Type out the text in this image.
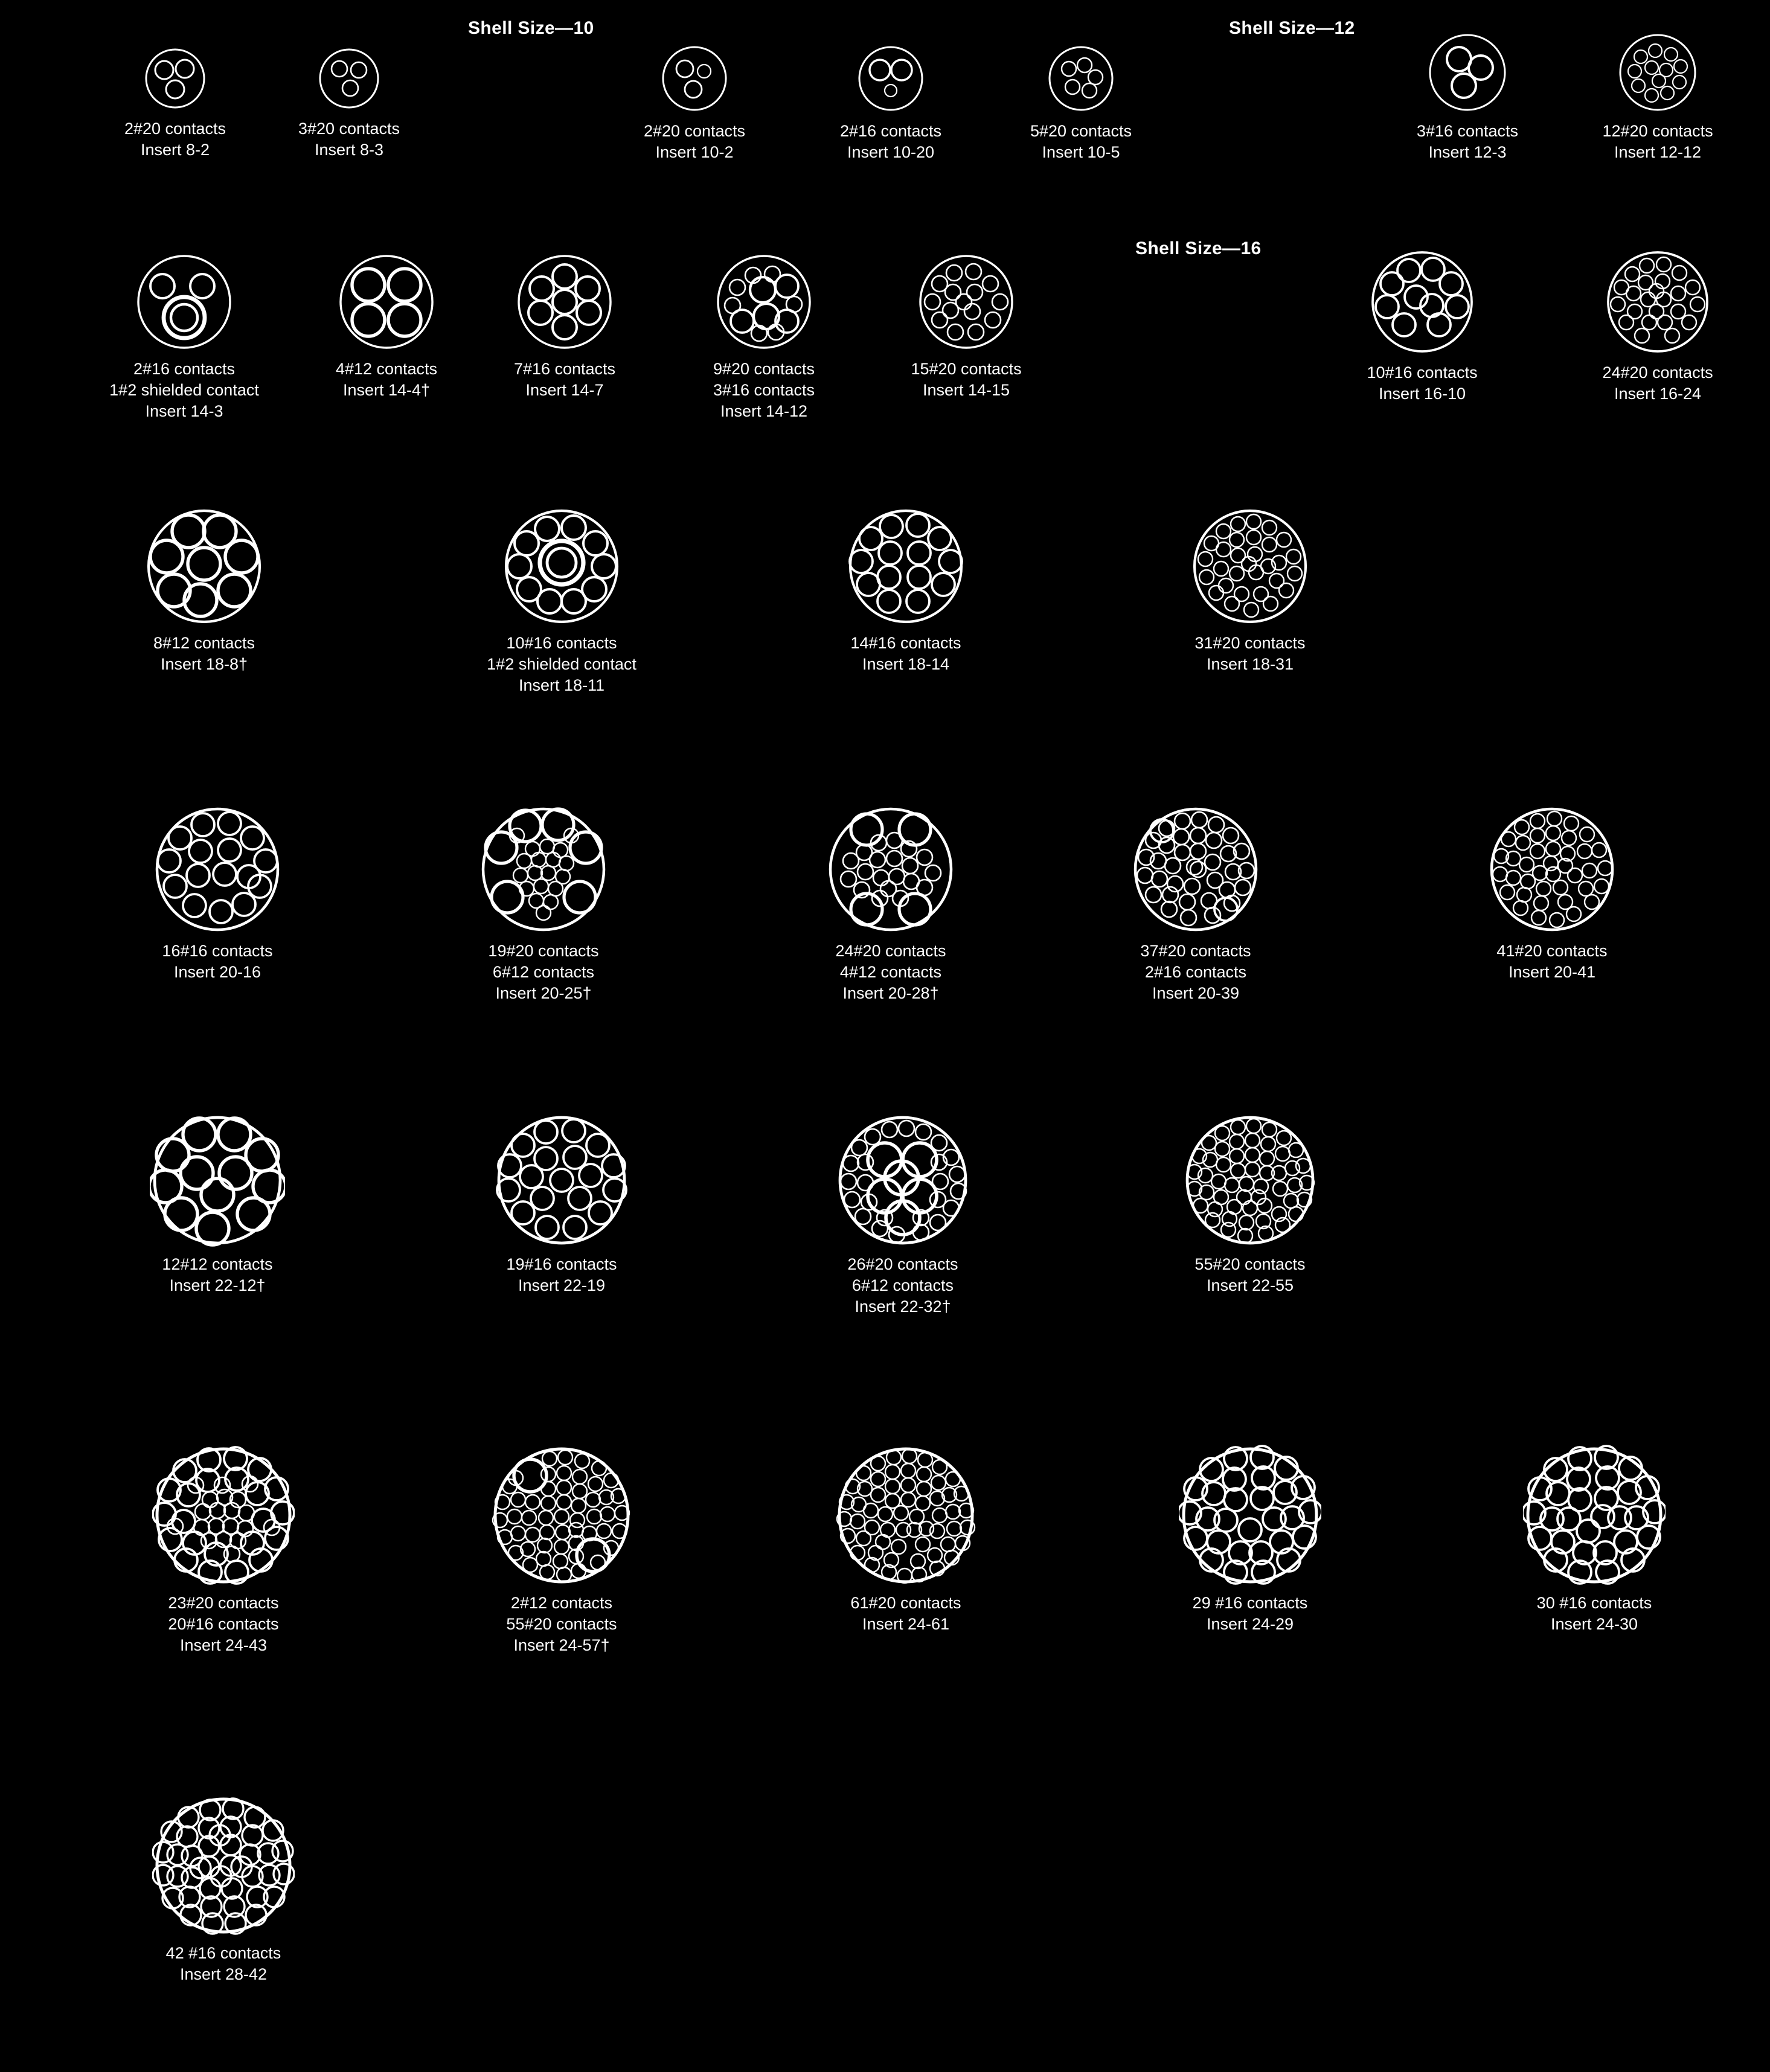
Shell Size—10	Shell Size—12
Shell Size—16
2#20 contacts
Insert 8-2
3#20 contacts
Insert 8-3
2#20 contacts
Insert 10-2
2#16 contacts
Insert 10-20
5#20 contacts
Insert 10-5
3#16 contacts
Insert 12-3
12#20 contacts
Insert 12-12
2#16 contacts
1#2 shielded contact
Insert 14-3
4#12 contacts
Insert 14-4†
7#16 contacts
Insert 14-7
9#20 contacts
3#16 contacts
Insert 14-12
15#20 contacts
Insert 14-15
10#16 contacts
Insert 16-10
24#20 contacts
Insert 16-24
8#12 contacts
Insert 18-8†
10#16 contacts
1#2 shielded contact
Insert 18-11
14#16 contacts
Insert 18-14
31#20 contacts
Insert 18-31
16#16 contacts
Insert 20-16
19#20 contacts
6#12 contacts
Insert 20-25†
24#20 contacts
4#12 contacts
Insert 20-28†
37#20 contacts
2#16 contacts
Insert 20-39
41#20 contacts
Insert 20-41
12#12 contacts
Insert 22-12†
19#16 contacts
Insert 22-19
26#20 contacts
6#12 contacts
Insert 22-32†
55#20 contacts
Insert 22-55
23#20 contacts
20#16 contacts
Insert 24-43
2#12 contacts
55#20 contacts
Insert 24-57†
61#20 contacts
Insert 24-61
29 #16 contacts
Insert 24-29
30 #16 contacts
Insert 24-30
42 #16 contacts
Insert 28-42
